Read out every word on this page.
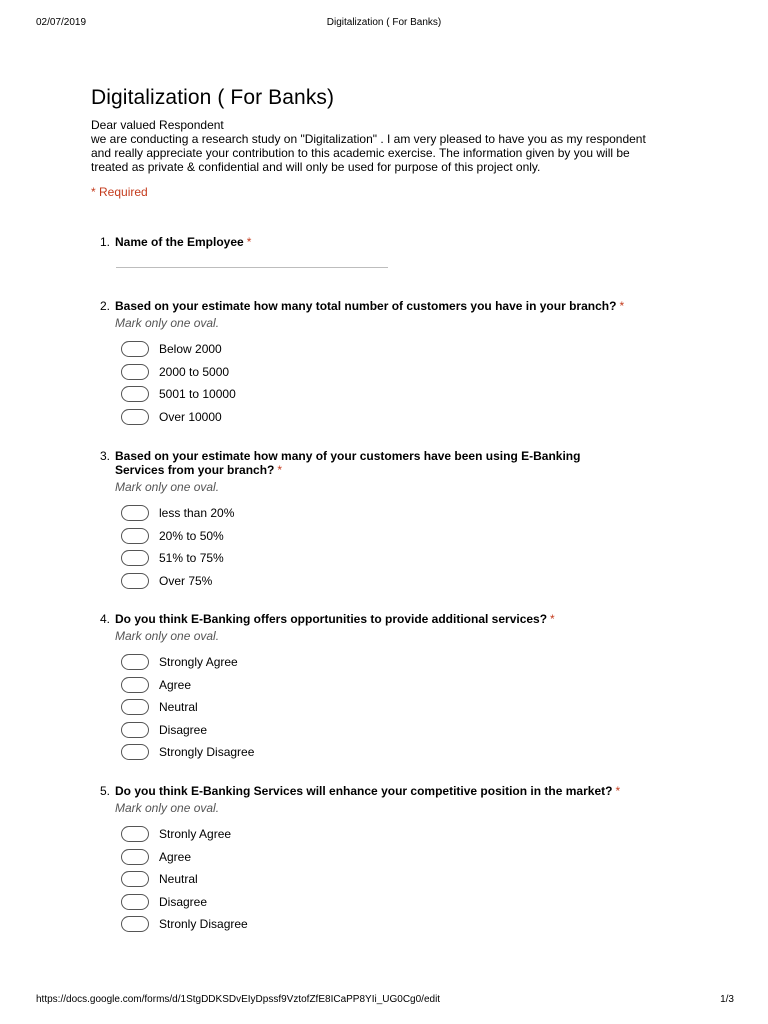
02/07/2019	Digitalization ( For Banks)
Digitalization ( For Banks)

Dear valued Respondent

we are conducting a research study on "Digitalization" . I am very pleased to have you as my respondent and really appreciate your contribution to this academic exercise. The information given by you will be treated as private & confidential and will only be used for purpose of this project only.

* Required
1. Name of the Employee *
2. Based on your estimate how many total number of customers you have in your branch? *
Mark only one oval.
Below 2000
2000 to 5000
5001 to 10000
Over 10000
3. Based on your estimate how many of your customers have been using E-Banking Services from your branch? *
Mark only one oval.
less than 20%
20% to 50%
51% to 75%
Over 75%
4. Do you think E-Banking offers opportunities to provide additional services? *
Mark only one oval.
Strongly Agree
Agree
Neutral
Disagree
Strongly Disagree
5. Do you think E-Banking Services will enhance your competitive position in the market? *
Mark only one oval.
Stronly Agree
Agree
Neutral
Disagree
Stronly Disagree
https://docs.google.com/forms/d/1StgDDKSDvEIyDpssf9VztofZfE8ICaPP8YIi_UG0Cg0/edit	1/3
